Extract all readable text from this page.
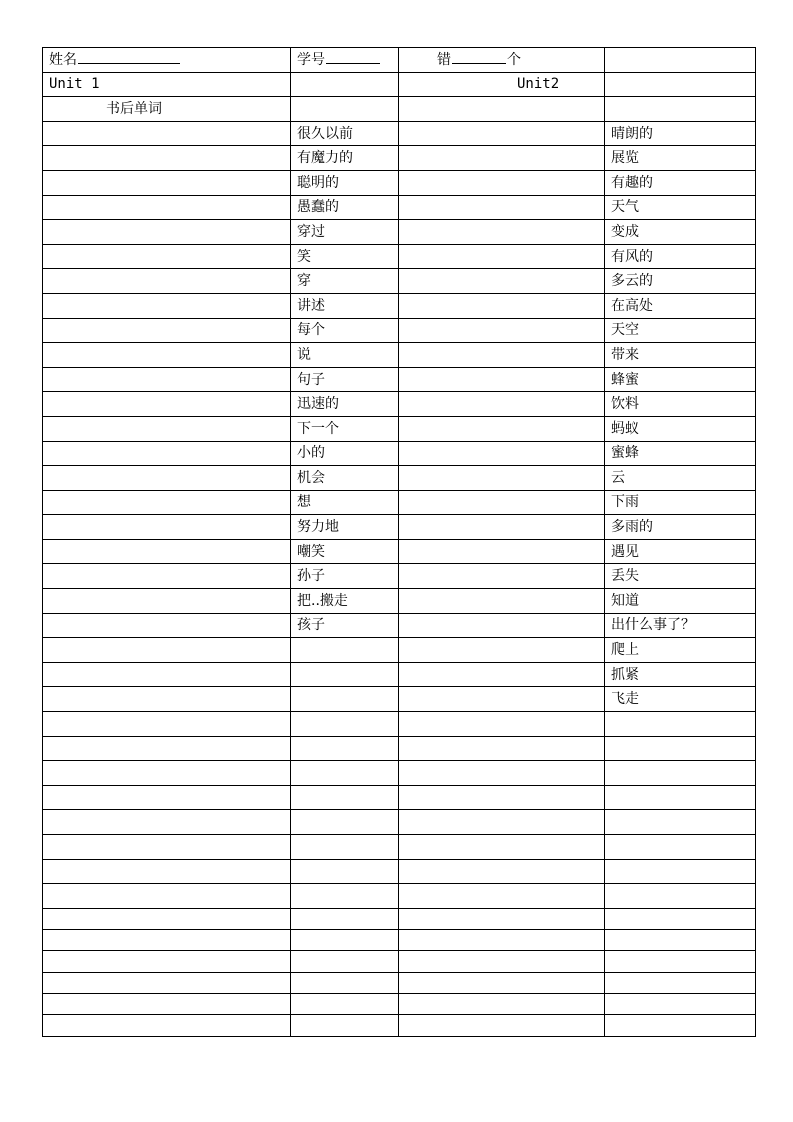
姓名	学号	错 个	
Unit 1		Unit2	
书后单词			
	很久以前		晴朗的
	有魔力的		展览
	聪明的		有趣的
	愚蠢的		天气
	穿过		变成
	笑		有风的
	穿		多云的
	讲述		在高处
	每个		天空
	说		带来
	句子		蜂蜜
	迅速的		饮料
	下一个		蚂蚁
	小的		蜜蜂
	机会		云
	想		下雨
	努力地		多雨的
	嘲笑		遇见
	孙子		丢失
	把..搬走		知道
	孩子		出什么事了？
			爬上
			抓紧
			飞走
